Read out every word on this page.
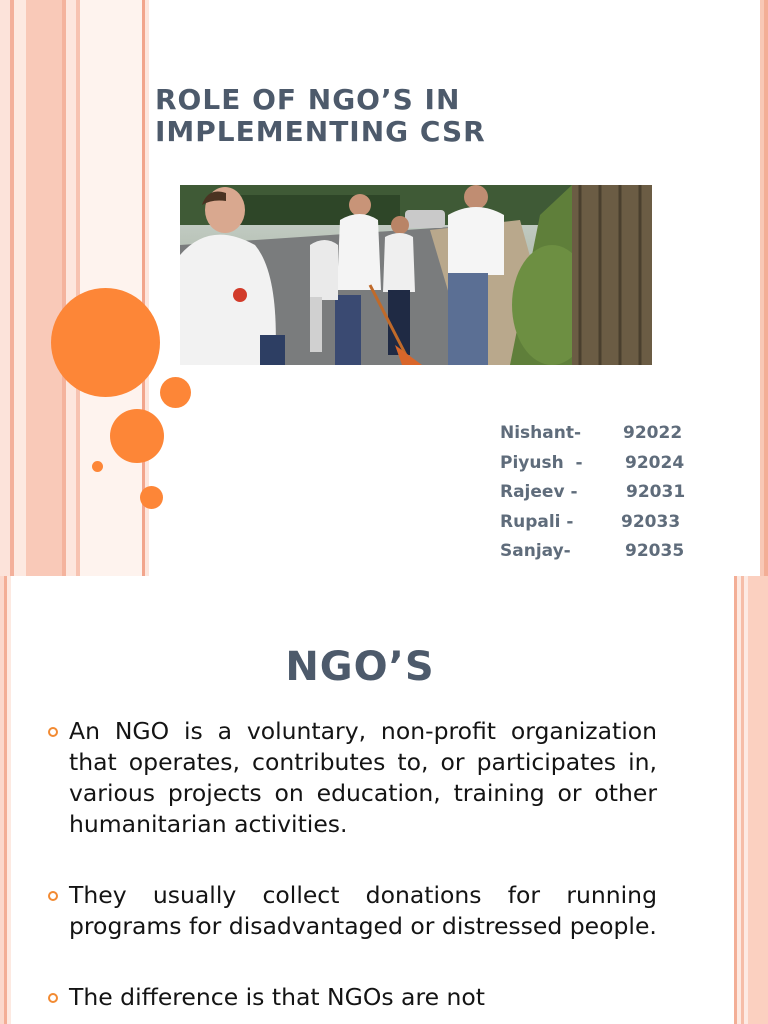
ROLE OF NGO’S IN
IMPLEMENTING CSR
Nishant- 92022
Piyush  - 92024
Rajeev -	92031
Rupali -	92033
Sanjay-	92035
NGO’S
An NGO is a voluntary, non-profit organization that operates, contributes to, or participates in, various projects on education, training or other humanitarian activities.
They usually collect donations for running programs for disadvantaged or distressed people.
The difference is that NGOs are not
